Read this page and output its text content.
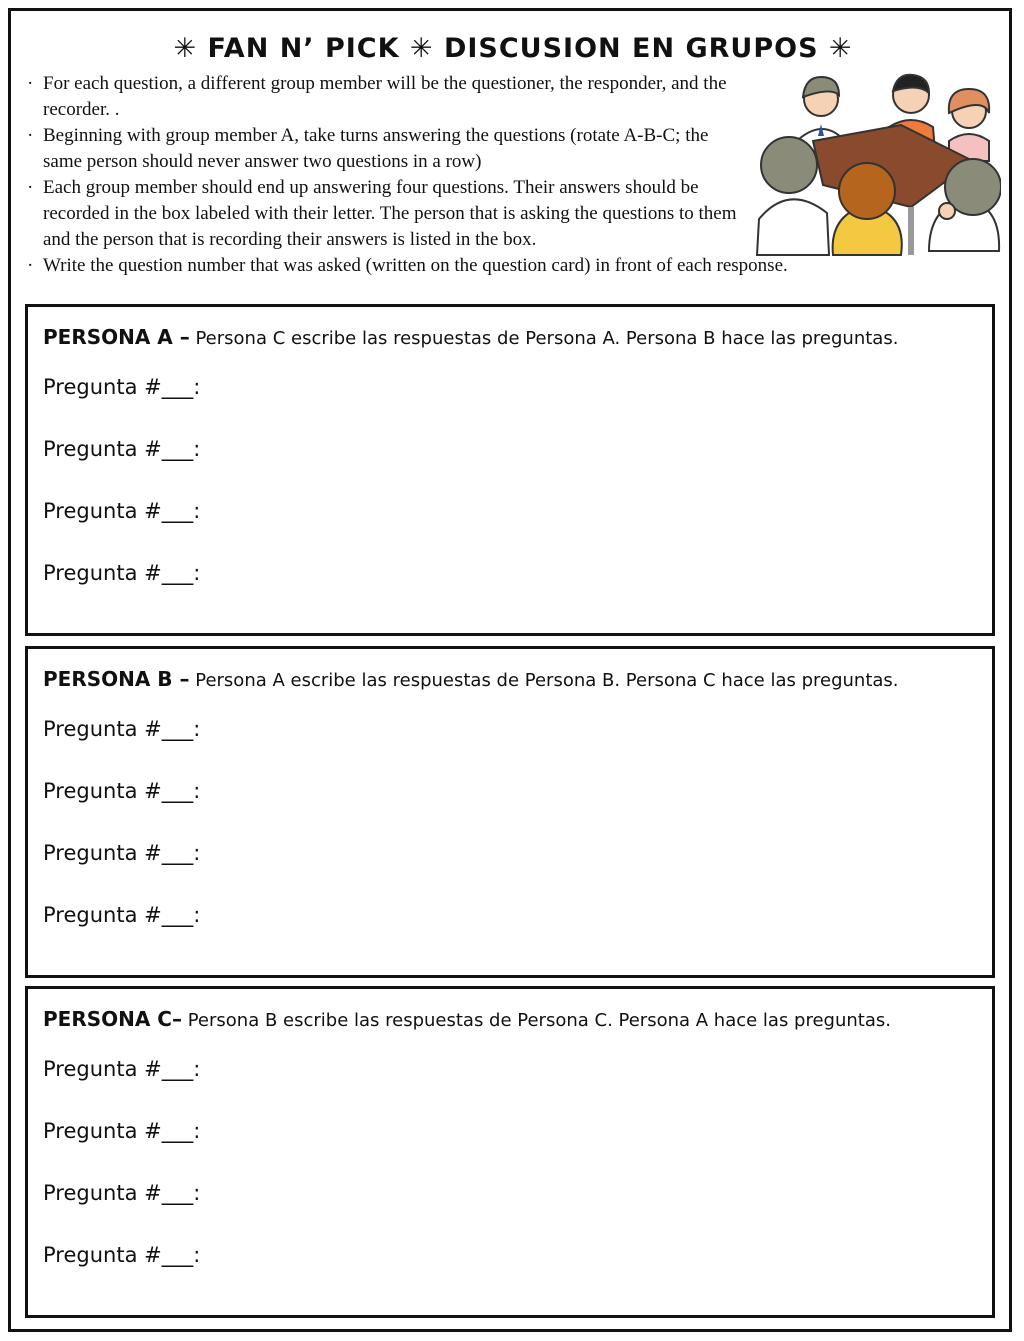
✳ FAN N’ PICK ✳ DISCUSION EN GRUPOS ✳
· For each question, a different group member will be the questioner, the responder, and the recorder. .
· Beginning with group member A, take turns answering the questions (rotate A-B-C; the same person should never answer two questions in a row)
· Each group member should end up answering four questions. Their answers should be recorded in the box labeled with their letter. The person that is asking the questions to them and the person that is recording their answers is listed in the box.
· Write the question number that was asked (written on the question card) in front of each response.
PERSONA A – Persona C escribe las respuestas de Persona A. Persona B hace las preguntas.
Pregunta #___:
Pregunta #___:
Pregunta #___:
Pregunta #___:
PERSONA B – Persona A escribe las respuestas de Persona B. Persona C hace las preguntas.
Pregunta #___:
Pregunta #___:
Pregunta #___:
Pregunta #___:
PERSONA C– Persona B escribe las respuestas de Persona C. Persona A hace las preguntas.
Pregunta #___:
Pregunta #___:
Pregunta #___:
Pregunta #___:
